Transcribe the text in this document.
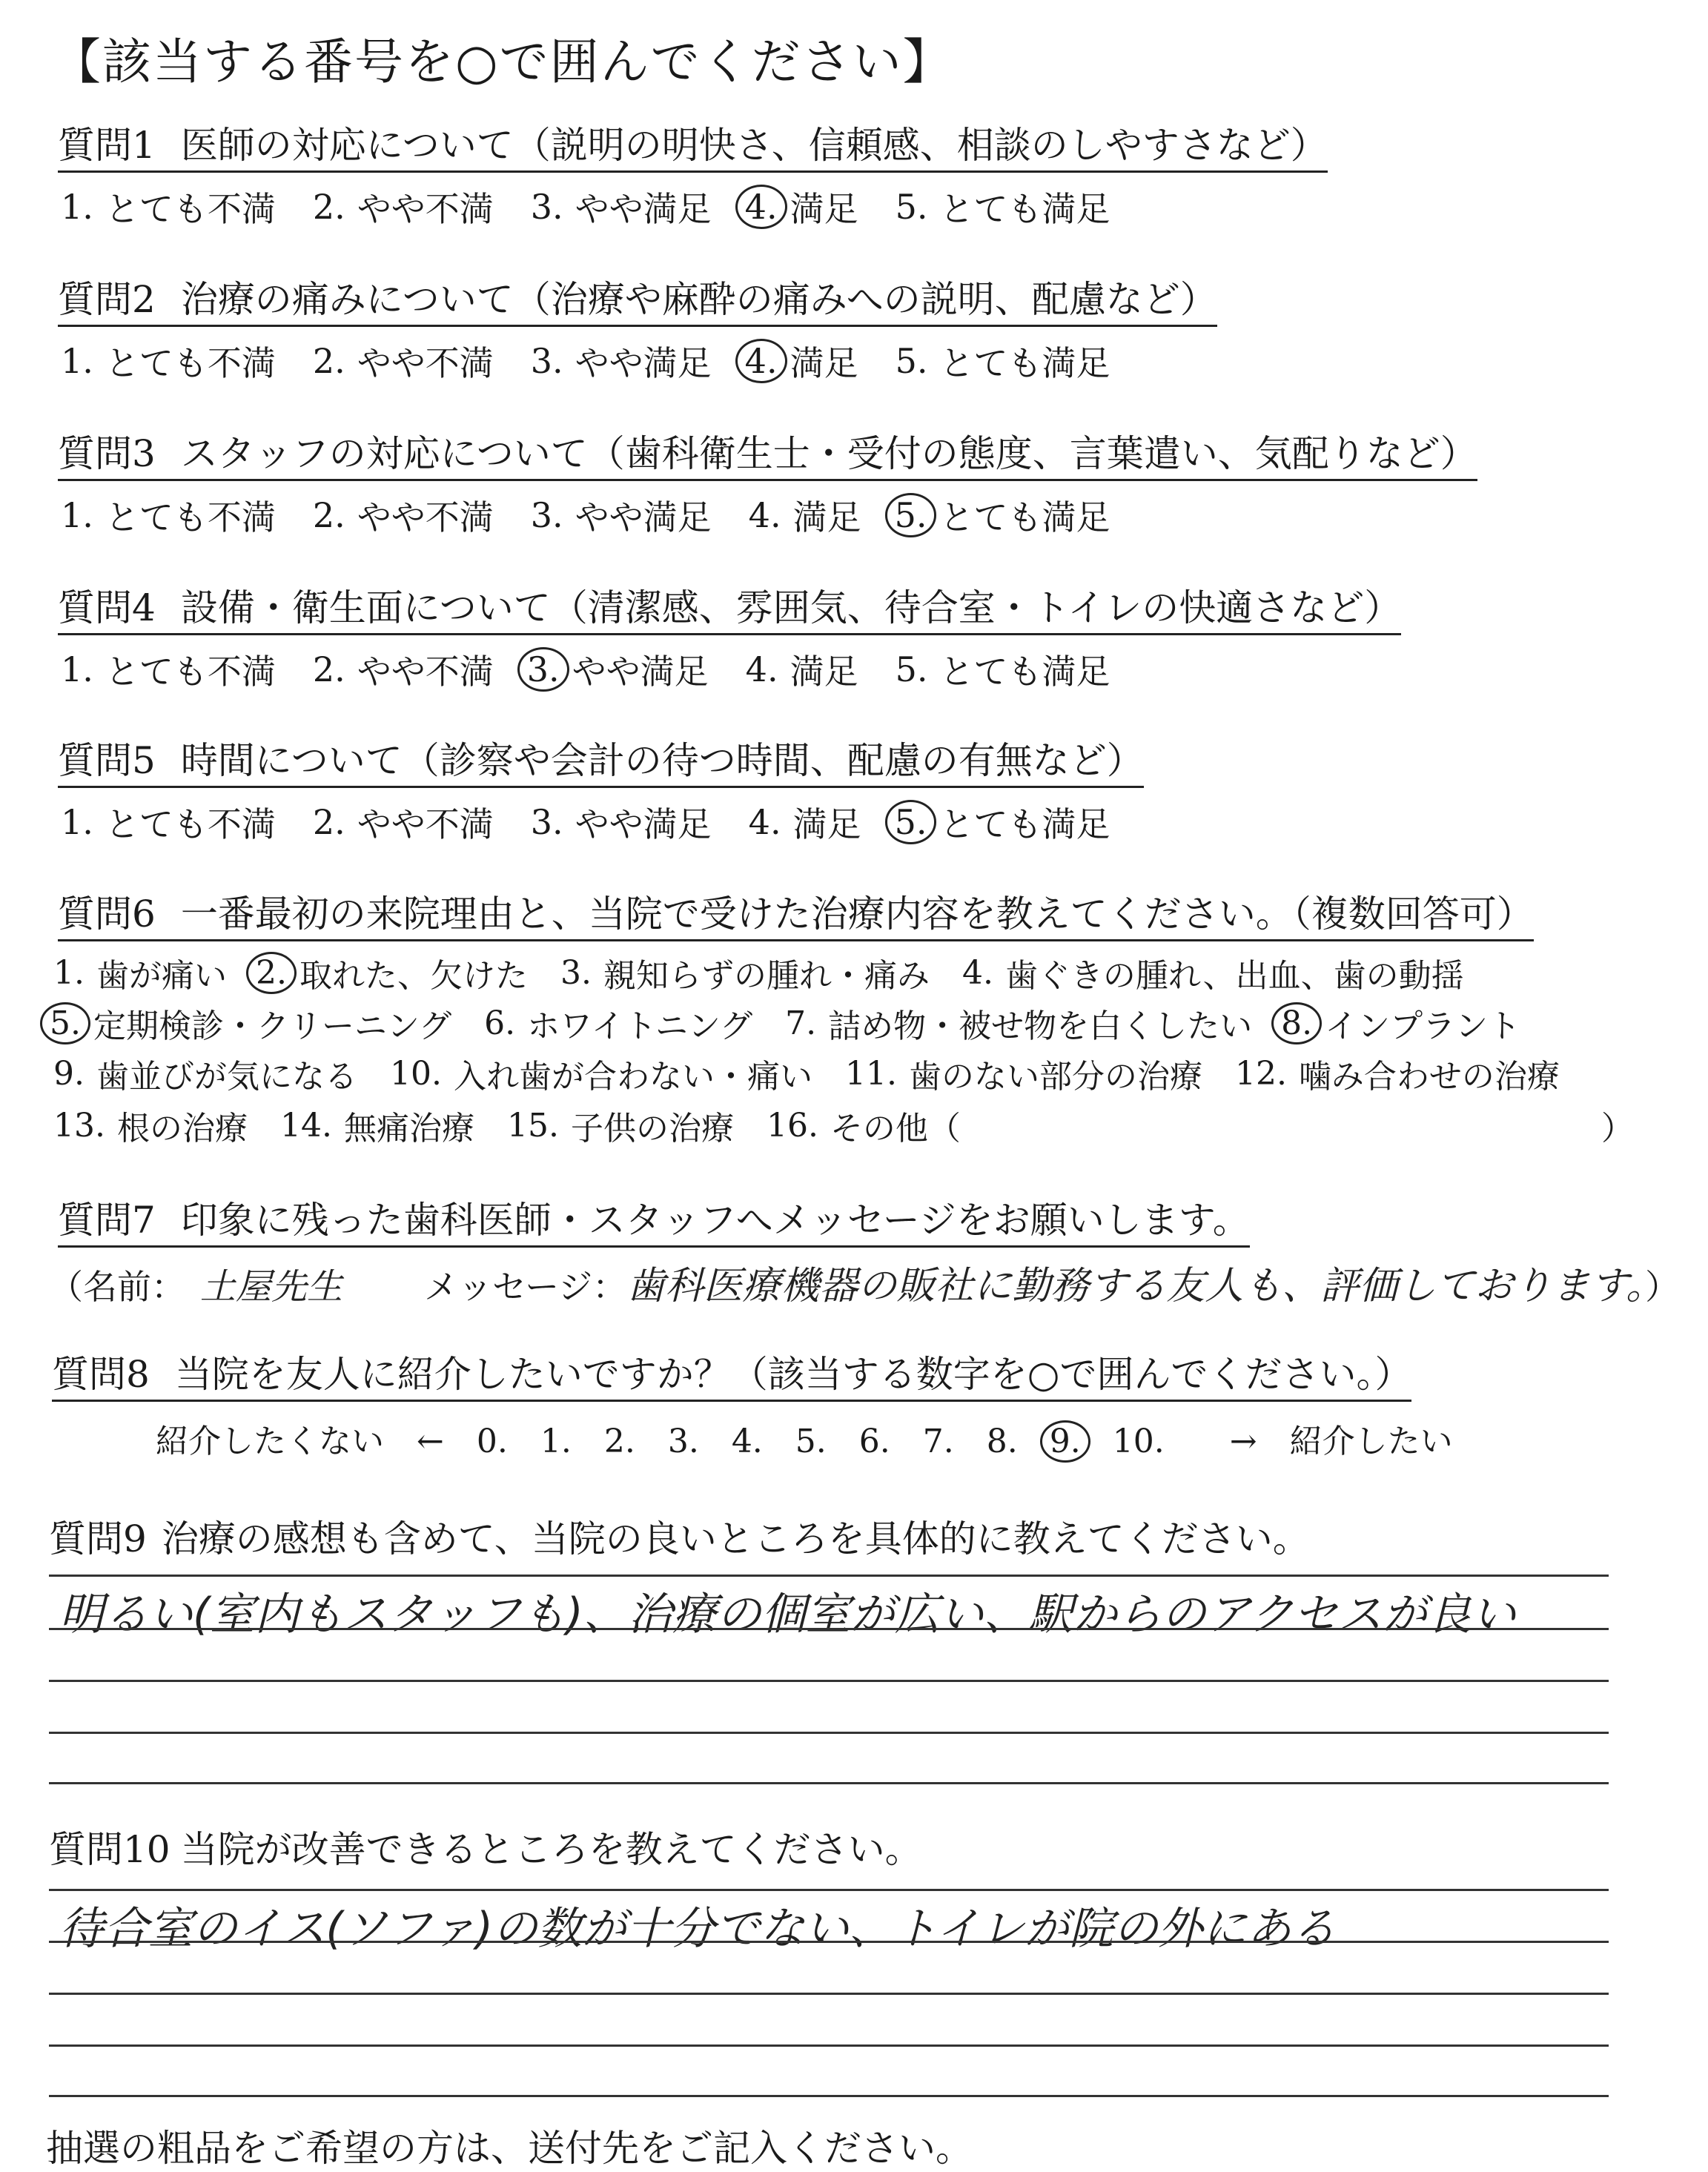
【該当する番号を○で囲んでください】
質問1 医師の対応について（説明の明快さ、信頼感、相談のしやすさなど）
1. とても不満 2. やや不満 3. やや満足 4. 満足 5. とても満足
質問2 治療の痛みについて（治療や麻酔の痛みへの説明、配慮など）
1. とても不満 2. やや不満 3. やや満足 4. 満足 5. とても満足
質問3 スタッフの対応について（歯科衛生士・受付の態度、言葉遣い、気配りなど）
1. とても不満 2. やや不満 3. やや満足 4. 満足 5. とても満足
質問4 設備・衛生面について（清潔感、雰囲気、待合室・トイレの快適さなど）
1. とても不満 2. やや不満 3. やや満足 4. 満足 5. とても満足
質問5 時間について（診察や会計の待つ時間、配慮の有無など）
1. とても不満 2. やや不満 3. やや満足 4. 満足 5. とても満足
質問6 一番最初の来院理由と、当院で受けた治療内容を教えてください。（複数回答可）
1. 歯が痛い 2. 取れた、欠けた 3. 親知らずの腫れ・痛み 4. 歯ぐきの腫れ、出血、歯の動揺
5. 定期検診・クリーニング 6. ホワイトニング 7. 詰め物・被せ物を白くしたい 8. インプラント
9. 歯並びが気になる 10. 入れ歯が合わない・痛い 11. 歯のない部分の治療 12. 噛み合わせの治療
13. 根の治療 14. 無痛治療 15. 子供の治療 16. その他（	）
質問7 印象に残った歯科医師・スタッフへメッセージをお願いします。
（名前： 土屋先生 メッセージ：歯科医療機器の販社に勤務する友人も、評価しております。）
質問8 当院を友人に紹介したいですか？（該当する数字を○で囲んでください。）
紹介したくない ← 0. 1. 2. 3. 4. 5. 6. 7. 8. 9. 10. → 紹介したい
質問9 治療の感想も含めて、当院の良いところを具体的に教えてください。
明るい(室内もスタッフも)、治療の個室が広い、駅からのアクセスが良い
質問10 当院が改善できるところを教えてください。
待合室のイス(ソファ)の数が十分でない、トイレが院の外にある
抽選の粗品をご希望の方は、送付先をご記入ください。
